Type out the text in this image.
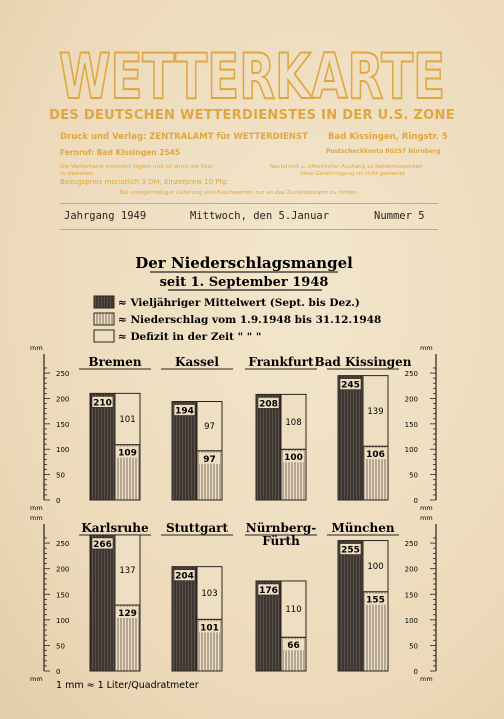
WETTERKARTE
DES DEUTSCHEN WETTERDIENSTES IN DER U.S. ZONE
Druck und Verlag: ZENTRALAMT für WETTERDIENST Bad Kissingen, Ringstr. 5
Fernruf: Bad Kissingen 2545	Postscheckkonto 80257 Nürnberg
Die Wetterkarte erscheint täglich und ist durch die Post
zu beziehen.
Bezugspreis monatlich 3 DM, Einzelpreis 10 Pfg.
Nachdruck u. öffentlicher Aushang zu Reklamezwecken
ohne Genehmigung ist nicht gestattet
Bei unregelmäßiger Lieferung sind Beschwerden nur an das Zustellpostamt zu richten.
Jahrgang 1949	Mittwoch, den 5.Januar	Nummer 5
Der Niederschlagsmangel
seit 1. September 1948
≈ Vieljähriger Mittelwert (Sept. bis Dez.)
≈ Niederschlag vom 1.9.1948 bis 31.12.1948
≈ Defizit in der Zeit " " "
mm
0
50
100
150
200
250
mm
0
50
100
150
200
250
mm	mm
Bremen
210
109
101
Kassel
194
97
97
Frankfurt
208
100
108
Bad Kissingen
245
106
139
mm
0
50
100
150
200
250
mm
0
50
100
150
200
250
mm	mm
Karlsruhe
266
129
137
Stuttgart
204
101
103
Nürnberg-
Fürth
176
66
110
München
255
155
100
1 mm ≈ 1 Liter/Quadratmeter
